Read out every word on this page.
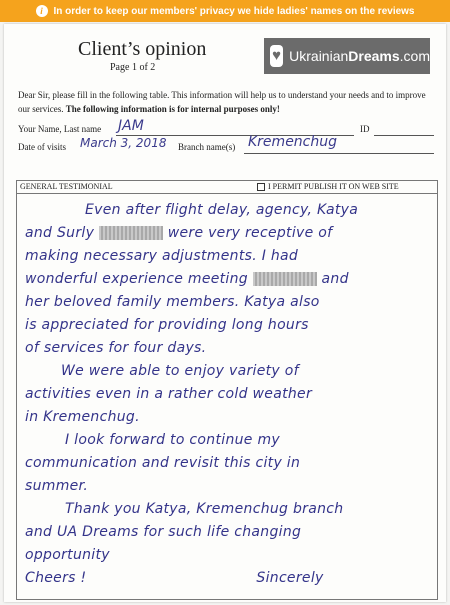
i	In order to keep our members' privacy we hide ladies' names on the reviews
Client’s opinion
Page 1 of 2
♥ UkrainianDreams.com
Dear Sir, please fill in the following table. This information will help us to understand your needs and to improve our services. The following information is for internal purposes only!
Your Name, Last name JAM	ID
Date of visits March 3, 2018 Branch name(s) Kremenchug
GENERAL TESTIMONIAL	I PERMIT PUBLISH IT ON WEB SITE
Even after flight delay, agency, Katya
and Surly	were very receptive of
making necessary adjustments. I had
wonderful experience meeting	and
her beloved family members. Katya also
is appreciated for providing long hours
of services for four days.
We were able to enjoy variety of
activities even in a rather cold weather
in Kremenchug.
I look forward to continue my
communication and revisit this city in
summer.
Thank you Katya, Kremenchug branch
and UA Dreams for such life changing
opportunity
Cheers !	Sincerely
